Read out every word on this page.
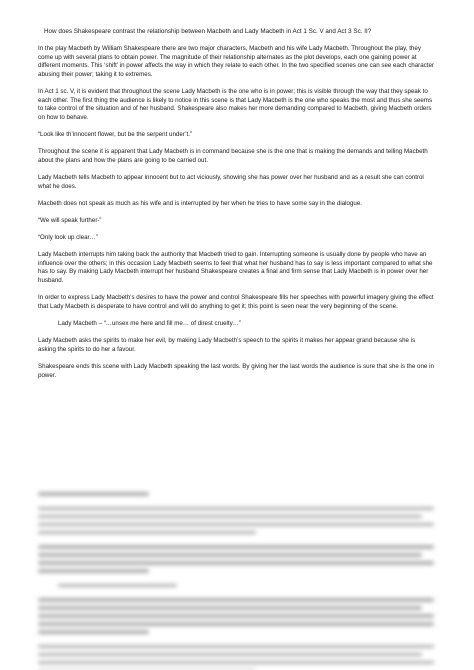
How does Shakespeare contrast the relationship between Macbeth and Lady Macbeth in Act 1 Sc. V and Act 3 Sc. II?

In the play Macbeth by William Shakespeare there are two major characters, Macbeth and his wife Lady Macbeth. Throughout the play, they come up with several plans to obtain power. The magnitude of their relationship alternates as the plot develops, each one gaining power at different moments. This ‘shift’ in power affects the way in which they relate to each other. In the two specified scenes one can see each character abusing their power; taking it to extremes.

In Act 1 sc. V, it is evident that throughout the scene Lady Macbeth is the one who is in power; this is visible through the way that they speak to each other. The first thing the audience is likely to notice in this scene is that Lady Macbeth is the one who speaks the most and thus she seems to take control of the situation and of her husband. Shakespeare also makes her more demanding compared to Macbeth, giving Macbeth orders on how to behave.

“Look like th’innocent flower, but be the serpent under’t.”

Throughout the scene it is apparent that Lady Macbeth is in command because she is the one that is making the demands and telling Macbeth about the plans and how the plans are going to be carried out.

Lady Macbeth tells Macbeth to appear innocent but to act viciously, showing she has power over her husband and as a result she can control what he does.

Macbeth does not speak as much as his wife and is interrupted by her when he tries to have some say in the dialogue.

“We will speak further-”

“Only look up clear…”

Lady Macbeth interrupts him taking back the authority that Macbeth tried to gain. Interrupting someone is usually done by people who have an influence over the others; in this occasion Lady Macbeth seems to feel that what her husband has to say is less important compared to what she has to say. By making Lady Macbeth interrupt her husband Shakespeare creates a final and firm sense that Lady Macbeth is in power over her husband.

In order to express Lady Macbeth’s desires to have the power and control Shakespeare fills her speeches with powerful imagery giving the effect that Lady Macbeth is desperate to have control and will do anything to get it; this point is seen near the very beginning of the scene.

Lady Macbeth – “…unsex me here and fill me… of direst cruelty…”

Lady Macbeth asks the spirits to make her evil, by making Lady Macbeth’s speech to the spirits it makes her appear grand because she is asking the spirits to do her a favour.

Shakespeare ends this scene with Lady Macbeth speaking the last words. By giving her the last words the audience is sure that she is the one in power.
